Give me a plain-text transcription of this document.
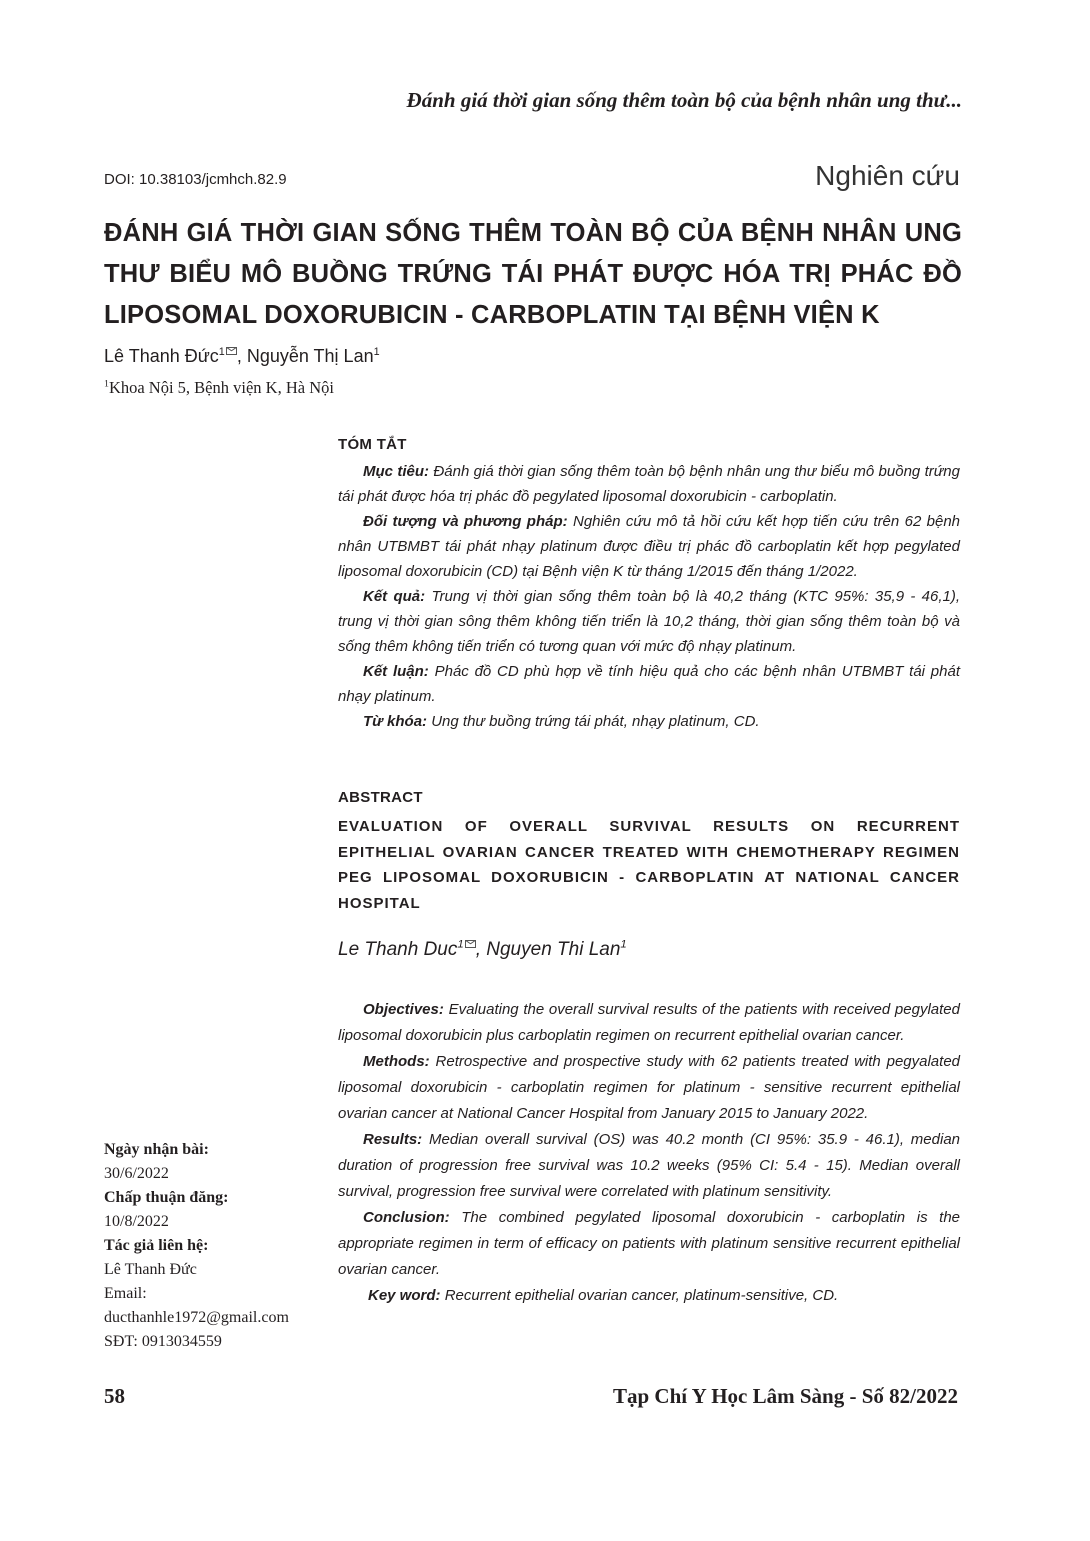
Đánh giá thời gian sống thêm toàn bộ của bệnh nhân ung thư...
DOI: 10.38103/jcmhch.82.9	Nghiên cứu
ĐÁNH GIÁ THỜI GIAN SỐNG THÊM TOÀN BỘ CỦA BỆNH NHÂN UNG
THƯ BIỂU MÔ BUỒNG TRỨNG TÁI PHÁT ĐƯỢC HÓA TRỊ PHÁC ĐỒ
LIPOSOMAL DOXORUBICIN - CARBOPLATIN TẠI BỆNH VIỆN K
Lê Thanh Đức$^1$ , Nguyễn Thị Lan$^1$
$^1$Khoa Nội 5, Bệnh viện K, Hà Nội
TÓM TẮT

Mục tiêu: Đánh giá thời gian sống thêm toàn bộ bệnh nhân ung thư biểu mô buồng trứng tái phát được hóa trị phác đồ pegylated liposomal doxorubicin - carboplatin.

Đối tượng và phương pháp: Nghiên cứu mô tả hồi cứu kết hợp tiến cứu trên 62 bệnh nhân UTBMBT tái phát nhạy platinum được điều trị phác đồ carboplatin kết hợp pegylated liposomal doxorubicin (CD) tại Bệnh viện K từ tháng 1/2015 đến tháng 1/2022.

Kết quả: Trung vị thời gian sống thêm toàn bộ là 40,2 tháng (KTC 95%: 35,9 - 46,1), trung vị thời gian sông thêm không tiến triển là 10,2 tháng, thời gian sống thêm toàn bộ và sống thêm không tiến triển có tương quan với mức độ nhạy platinum.

Kết luận: Phác đồ CD phù hợp về tính hiệu quả cho các bệnh nhân UTBMBT tái phát nhạy platinum.

Từ khóa: Ung thư buồng trứng tái phát, nhạy platinum, CD.

ABSTRACT
EVALUATION OF OVERALL SURVIVAL RESULTS ON RECURRENT
EPITHELIAL OVARIAN CANCER TREATED WITH CHEMOTHERAPY REGIMEN
PEG LIPOSOMAL DOXORUBICIN - CARBOPLATIN AT NATIONAL CANCER
HOSPITAL
Le Thanh Duc$^1$ , Nguyen Thi Lan$^1$

Objectives: Evaluating the overall survival results of the patients with received pegylated liposomal doxorubicin plus carboplatin regimen on recurrent epithelial ovarian cancer.

Methods: Retrospective and prospective study with 62 patients treated with pegyalated liposomal doxorubicin - carboplatin regimen for platinum - sensitive recurrent epithelial ovarian cancer at National Cancer Hospital from January 2015 to January 2022.

Results: Median overall survival (OS) was 40.2 month (CI 95%: 35.9 - 46.1), median duration of progression free survival was 10.2 weeks (95% CI: 5.4 - 15). Median overall survival, progression free survival were correlated with platinum sensitivity.

Conclusion: The combined pegylated liposomal doxorubicin - carboplatin is the appropriate regimen in term of efficacy on patients with platinum sensitive recurrent epithelial ovarian cancer.

Key word: Recurrent epithelial ovarian cancer, platinum-sensitive, CD.

Ngày nhận bài:
30/6/2022
Chấp thuận đăng:
10/8/2022
Tác giả liên hệ:
Lê Thanh Đức
Email:
ducthanhle1972@gmail.com
SĐT: 0913034559
58	Tạp Chí Y Học Lâm Sàng - Số 82/2022
